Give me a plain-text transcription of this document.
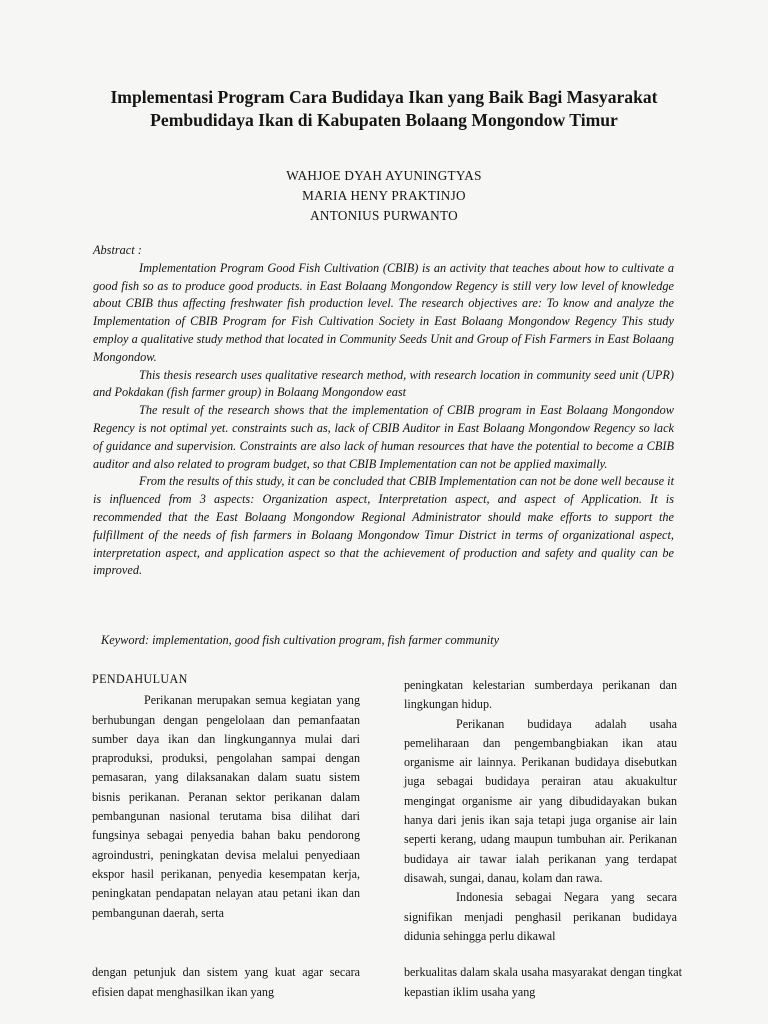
Implementasi Program Cara Budidaya Ikan yang Baik Bagi Masyarakat
Pembudidaya Ikan di Kabupaten Bolaang Mongondow Timur
WAHJOE DYAH AYUNINGTYAS
MARIA HENY PRAKTINJO
ANTONIUS PURWANTO

Abstract :

Implementation Program Good Fish Cultivation (CBIB) is an activity that teaches about how to cultivate a good fish so as to produce good products. in East Bolaang Mongondow Regency is still very low level of knowledge about CBIB thus affecting freshwater fish production level. The research objectives are: To know and analyze the Implementation of CBIB Program for Fish Cultivation Society in East Bolaang Mongondow Regency This study employ a qualitative study method that located in Community Seeds Unit and Group of Fish Farmers in East Bolaang Mongondow.

This thesis research uses qualitative research method, with research location in community seed unit (UPR) and Pokdakan (fish farmer group) in Bolaang Mongondow east

The result of the research shows that the implementation of CBIB program in East Bolaang Mongondow Regency is not optimal yet. constraints such as, lack of CBIB Auditor in East Bolaang Mongondow Regency so lack of guidance and supervision. Constraints are also lack of human resources that have the potential to become a CBIB auditor and also related to program budget, so that CBIB Implementation can not be applied maximally.

From the results of this study, it can be concluded that CBIB Implementation can not be done well because it is influenced from 3 aspects: Organization aspect, Interpretation aspect, and aspect of Application. It is recommended that the East Bolaang Mongondow Regional Administrator should make efforts to support the fulfillment of the needs of fish farmers in Bolaang Mongondow Timur District in terms of organizational aspect, interpretation aspect, and application aspect so that the achievement of production and safety and quality can be improved.

Keyword: implementation, good fish cultivation program, fish farmer community

PENDAHULUAN

Perikanan merupakan semua kegiatan yang berhubungan dengan pengelolaan dan pemanfaatan sumber daya ikan dan lingkungannya mulai dari praproduksi, produksi, pengolahan sampai dengan pemasaran, yang dilaksanakan dalam suatu sistem bisnis perikanan. Peranan sektor perikanan dalam pembangunan nasional terutama bisa dilihat dari fungsinya sebagai penyedia bahan baku pendorong agroindustri, peningkatan devisa melalui penyediaan ekspor hasil perikanan, penyedia kesempatan kerja, peningkatan pendapatan nelayan atau petani ikan dan pembangunan daerah, serta

peningkatan kelestarian sumberdaya perikanan dan lingkungan hidup.

Perikanan budidaya adalah usaha pemeliharaan dan pengembangbiakan ikan atau organisme air lainnya. Perikanan budidaya disebutkan juga sebagai budidaya perairan atau akuakultur mengingat organisme air yang dibudidayakan bukan hanya dari jenis ikan saja tetapi juga organise air lain seperti kerang, udang maupun tumbuhan air. Perikanan budidaya air tawar ialah perikanan yang terdapat disawah, sungai, danau, kolam dan rawa.

Indonesia sebagai Negara yang secara signifikan menjadi penghasil perikanan budidaya didunia sehingga perlu dikawal

dengan petunjuk dan sistem yang kuat agar secara efisien dapat menghasilkan ikan yang
berkualitas dalam skala usaha masyarakat dengan tingkat kepastian iklim usaha yang
